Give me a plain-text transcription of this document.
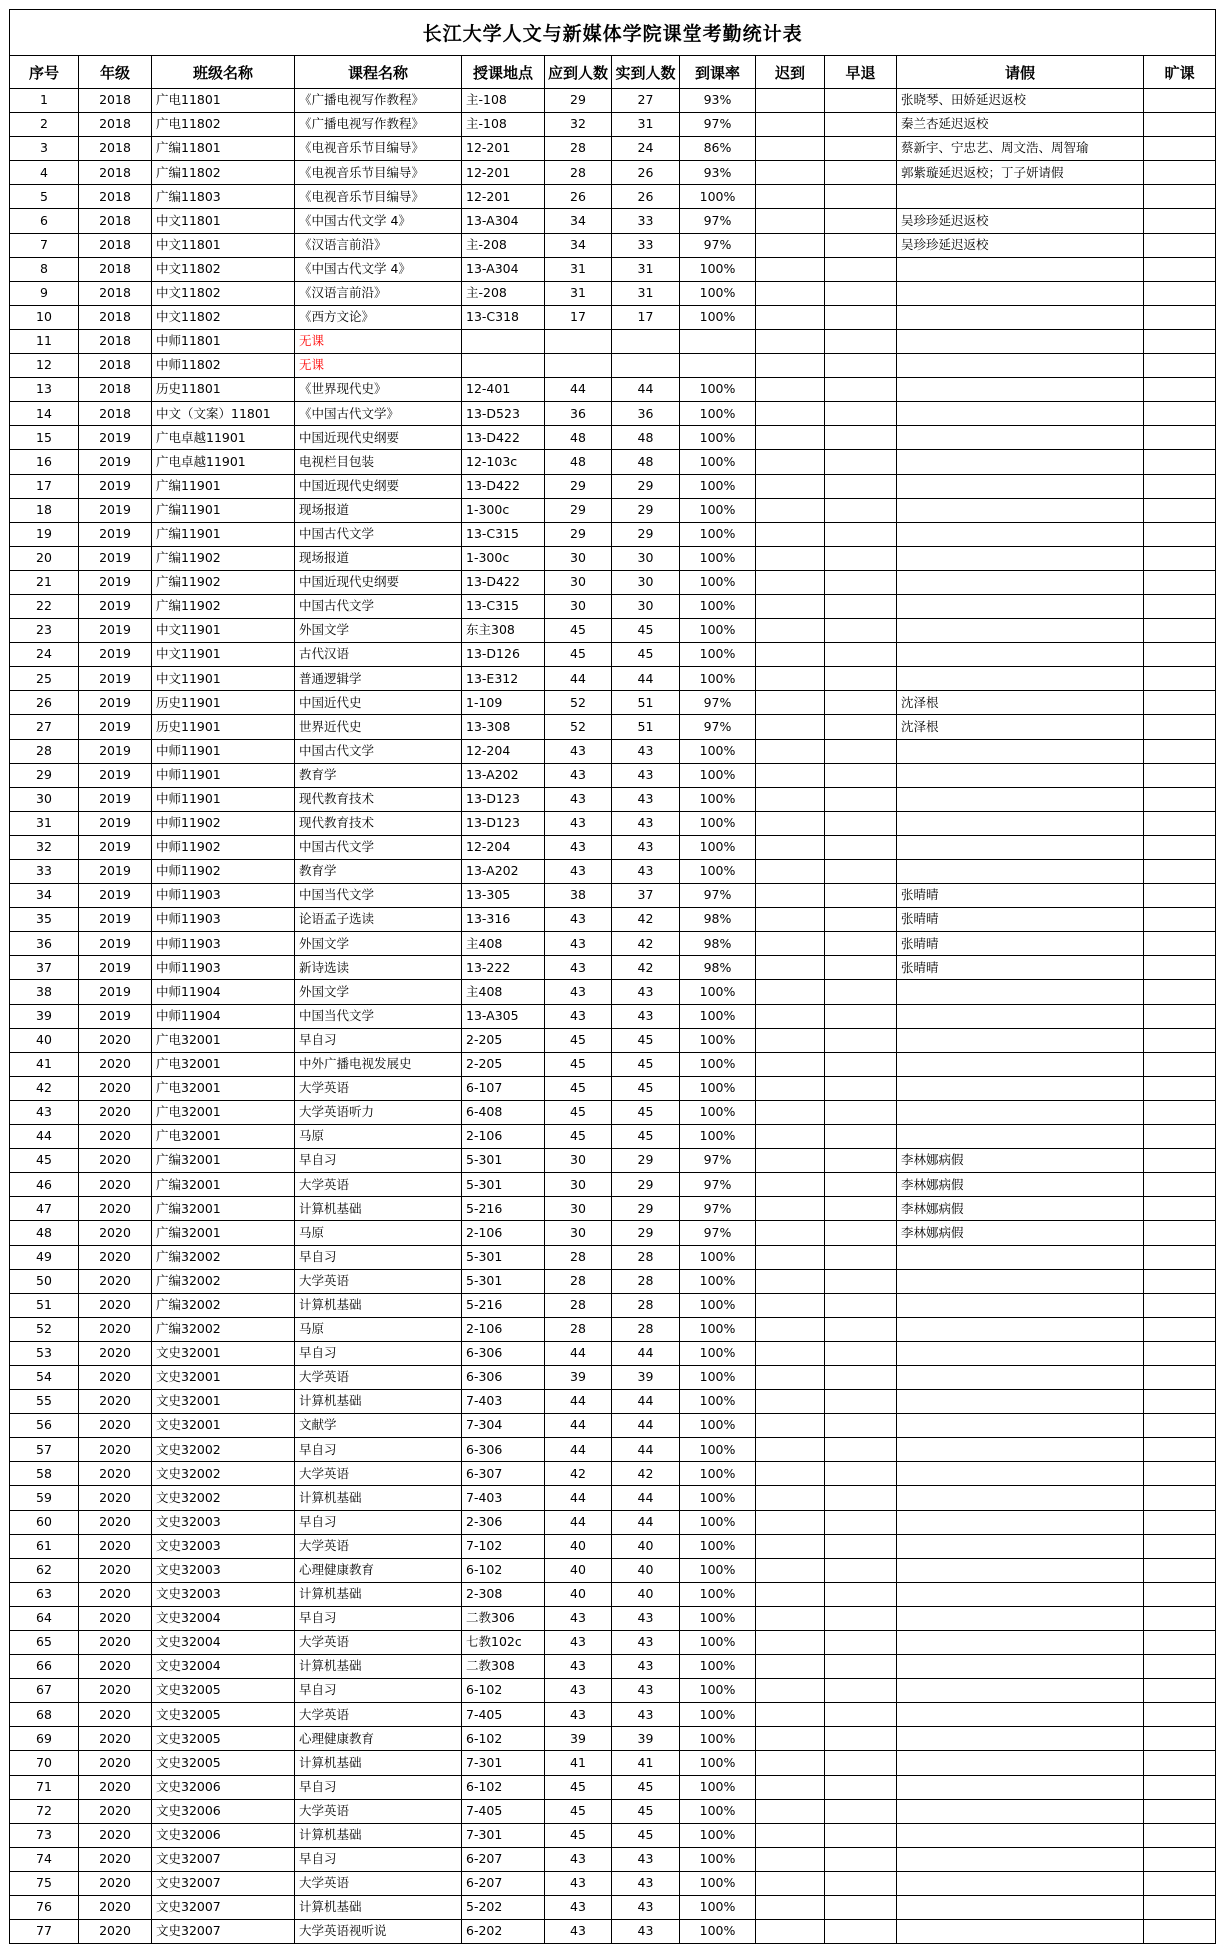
长江大学人文与新媒体学院课堂考勤统计表											
序号	年级	班级名称	课程名称	授课地点	应到人数	实到人数	到课率	迟到	早退	请假	旷课
1	2018	广电11801	《广播电视写作教程》	主-108	29	27	93%			张晓琴、田娇延迟返校	
2	2018	广电11802	《广播电视写作教程》	主-108	32	31	97%			秦兰杏延迟返校	
3	2018	广编11801	《电视音乐节目编导》	12-201	28	24	86%			蔡新宇、宁忠艺、周文浩、周智瑜	
4	2018	广编11802	《电视音乐节目编导》	12-201	28	26	93%			郭紫璇延迟返校；丁子妍请假	
5	2018	广编11803	《电视音乐节目编导》	12-201	26	26	100%				
6	2018	中文11801	《中国古代文学 4》	13-A304	34	33	97%			吴珍珍延迟返校	
7	2018	中文11801	《汉语言前沿》	主-208	34	33	97%			吴珍珍延迟返校	
8	2018	中文11802	《中国古代文学 4》	13-A304	31	31	100%				
9	2018	中文11802	《汉语言前沿》	主-208	31	31	100%				
10	2018	中文11802	《西方文论》	13-C318	17	17	100%				
11	2018	中师11801	无课								
12	2018	中师11802	无课								
13	2018	历史11801	《世界现代史》	12-401	44	44	100%				
14	2018	中文（文案）11801	《中国古代文学》	13-D523	36	36	100%				
15	2019	广电卓越11901	中国近现代史纲要	13-D422	48	48	100%				
16	2019	广电卓越11901	电视栏目包装	12-103c	48	48	100%				
17	2019	广编11901	中国近现代史纲要	13-D422	29	29	100%				
18	2019	广编11901	现场报道	1-300c	29	29	100%				
19	2019	广编11901	中国古代文学	13-C315	29	29	100%				
20	2019	广编11902	现场报道	1-300c	30	30	100%				
21	2019	广编11902	中国近现代史纲要	13-D422	30	30	100%				
22	2019	广编11902	中国古代文学	13-C315	30	30	100%				
23	2019	中文11901	外国文学	东主308	45	45	100%				
24	2019	中文11901	古代汉语	13-D126	45	45	100%				
25	2019	中文11901	普通逻辑学	13-E312	44	44	100%				
26	2019	历史11901	中国近代史	1-109	52	51	97%			沈泽根	
27	2019	历史11901	世界近代史	13-308	52	51	97%			沈泽根	
28	2019	中师11901	中国古代文学	12-204	43	43	100%				
29	2019	中师11901	教育学	13-A202	43	43	100%				
30	2019	中师11901	现代教育技术	13-D123	43	43	100%				
31	2019	中师11902	现代教育技术	13-D123	43	43	100%				
32	2019	中师11902	中国古代文学	12-204	43	43	100%				
33	2019	中师11902	教育学	13-A202	43	43	100%				
34	2019	中师11903	中国当代文学	13-305	38	37	97%			张晴晴	
35	2019	中师11903	论语孟子选读	13-316	43	42	98%			张晴晴	
36	2019	中师11903	外国文学	主408	43	42	98%			张晴晴	
37	2019	中师11903	新诗选读	13-222	43	42	98%			张晴晴	
38	2019	中师11904	外国文学	主408	43	43	100%				
39	2019	中师11904	中国当代文学	13-A305	43	43	100%				
40	2020	广电32001	早自习	2-205	45	45	100%				
41	2020	广电32001	中外广播电视发展史	2-205	45	45	100%				
42	2020	广电32001	大学英语	6-107	45	45	100%				
43	2020	广电32001	大学英语听力	6-408	45	45	100%				
44	2020	广电32001	马原	2-106	45	45	100%				
45	2020	广编32001	早自习	5-301	30	29	97%			李林娜病假	
46	2020	广编32001	大学英语	5-301	30	29	97%			李林娜病假	
47	2020	广编32001	计算机基础	5-216	30	29	97%			李林娜病假	
48	2020	广编32001	马原	2-106	30	29	97%			李林娜病假	
49	2020	广编32002	早自习	5-301	28	28	100%				
50	2020	广编32002	大学英语	5-301	28	28	100%				
51	2020	广编32002	计算机基础	5-216	28	28	100%				
52	2020	广编32002	马原	2-106	28	28	100%				
53	2020	文史32001	早自习	6-306	44	44	100%				
54	2020	文史32001	大学英语	6-306	39	39	100%				
55	2020	文史32001	计算机基础	7-403	44	44	100%				
56	2020	文史32001	文献学	7-304	44	44	100%				
57	2020	文史32002	早自习	6-306	44	44	100%				
58	2020	文史32002	大学英语	6-307	42	42	100%				
59	2020	文史32002	计算机基础	7-403	44	44	100%				
60	2020	文史32003	早自习	2-306	44	44	100%				
61	2020	文史32003	大学英语	7-102	40	40	100%				
62	2020	文史32003	心理健康教育	6-102	40	40	100%				
63	2020	文史32003	计算机基础	2-308	40	40	100%				
64	2020	文史32004	早自习	二教306	43	43	100%				
65	2020	文史32004	大学英语	七教102c	43	43	100%				
66	2020	文史32004	计算机基础	二教308	43	43	100%				
67	2020	文史32005	早自习	6-102	43	43	100%				
68	2020	文史32005	大学英语	7-405	43	43	100%				
69	2020	文史32005	心理健康教育	6-102	39	39	100%				
70	2020	文史32005	计算机基础	7-301	41	41	100%				
71	2020	文史32006	早自习	6-102	45	45	100%				
72	2020	文史32006	大学英语	7-405	45	45	100%				
73	2020	文史32006	计算机基础	7-301	45	45	100%				
74	2020	文史32007	早自习	6-207	43	43	100%				
75	2020	文史32007	大学英语	6-207	43	43	100%				
76	2020	文史32007	计算机基础	5-202	43	43	100%				
77	2020	文史32007	大学英语视听说	6-202	43	43	100%				
